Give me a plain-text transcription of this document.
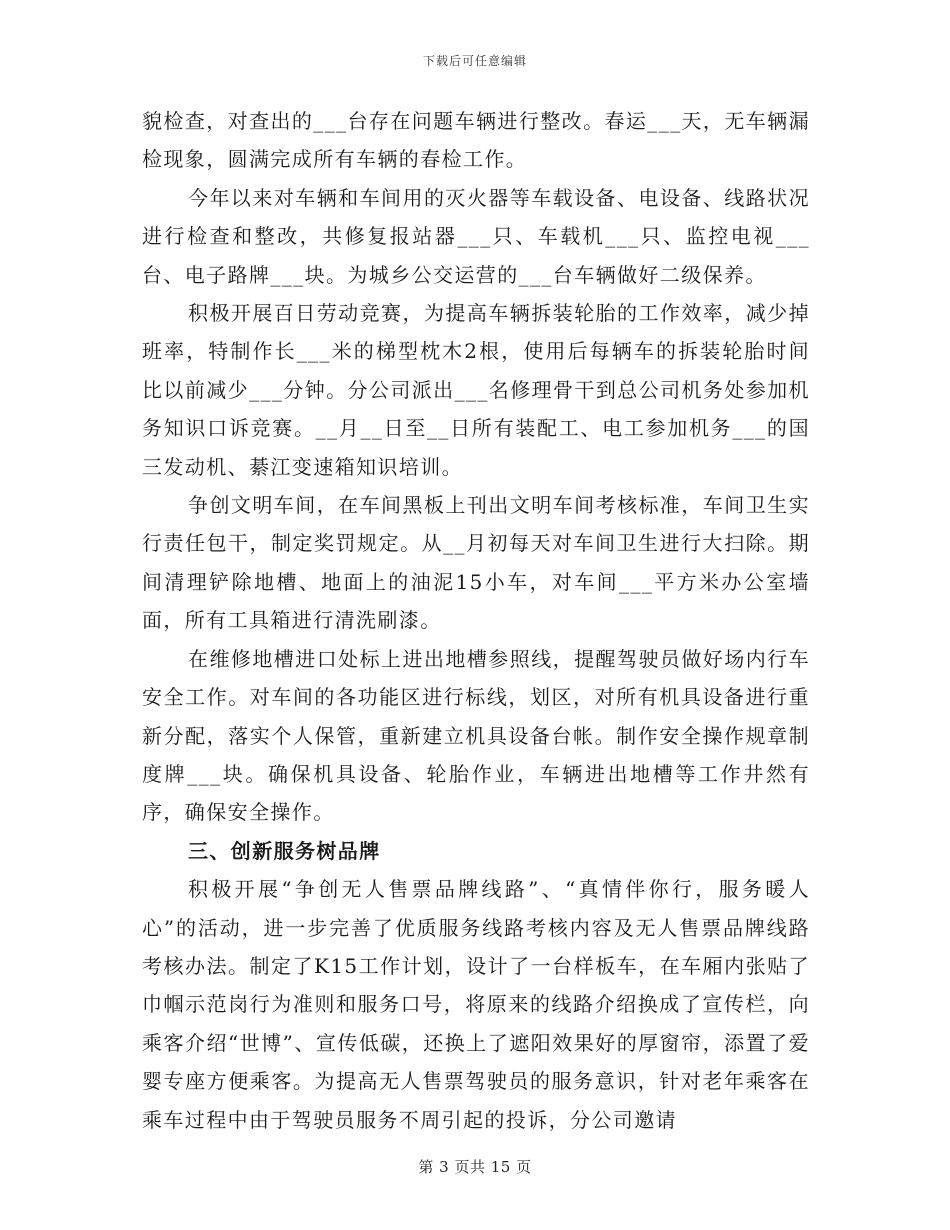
下载后可任意编辑

貌检查，对查出的___台存在问题车辆进行整改。春运___天，无车辆漏检现象，圆满完成所有车辆的春检工作。

今年以来对车辆和车间用的灭火器等车载设备、电设备、线路状况进行检查和整改，共修复报站器___只、车载机___只、监控电视___台、电子路牌___块。为城乡公交运营的___台车辆做好二级保养。

积极开展百日劳动竞赛，为提高车辆拆装轮胎的工作效率，减少掉班率，特制作长___米的梯型枕木2根，使用后每辆车的拆装轮胎时间比以前减少___分钟。分公司派出___名修理骨干到总公司机务处参加机务知识口诉竞赛。__月__日至__日所有装配工、电工参加机务___的国三发动机、綦江变速箱知识培训。

争创文明车间，在车间黑板上刊出文明车间考核标准，车间卫生实行责任包干，制定奖罚规定。从__月初每天对车间卫生进行大扫除。期间清理铲除地槽、地面上的油泥15小车，对车间___平方米办公室墙面，所有工具箱进行清洗刷漆。

在维修地槽进口处标上进出地槽参照线，提醒驾驶员做好场内行车安全工作。对车间的各功能区进行标线，划区，对所有机具设备进行重新分配，落实个人保管，重新建立机具设备台帐。制作安全操作规章制度牌___块。确保机具设备、轮胎作业，车辆进出地槽等工作井然有序，确保安全操作。

三、创新服务树品牌

积极开展“争创无人售票品牌线路”、“真情伴你行，服务暖人心”的活动，进一步完善了优质服务线路考核内容及无人售票品牌线路考核办法。制定了K15工作计划，设计了一台样板车，在车厢内张贴了巾帼示范岗行为准则和服务口号，将原来的线路介绍换成了宣传栏，向乘客介绍“世博”、宣传低碳，还换上了遮阳效果好的厚窗帘，添置了爱婴专座方便乘客。为提高无人售票驾驶员的服务意识，针对老年乘客在乘车过程中由于驾驶员服务不周引起的投诉，分公司邀请

第 3 页共 15 页
